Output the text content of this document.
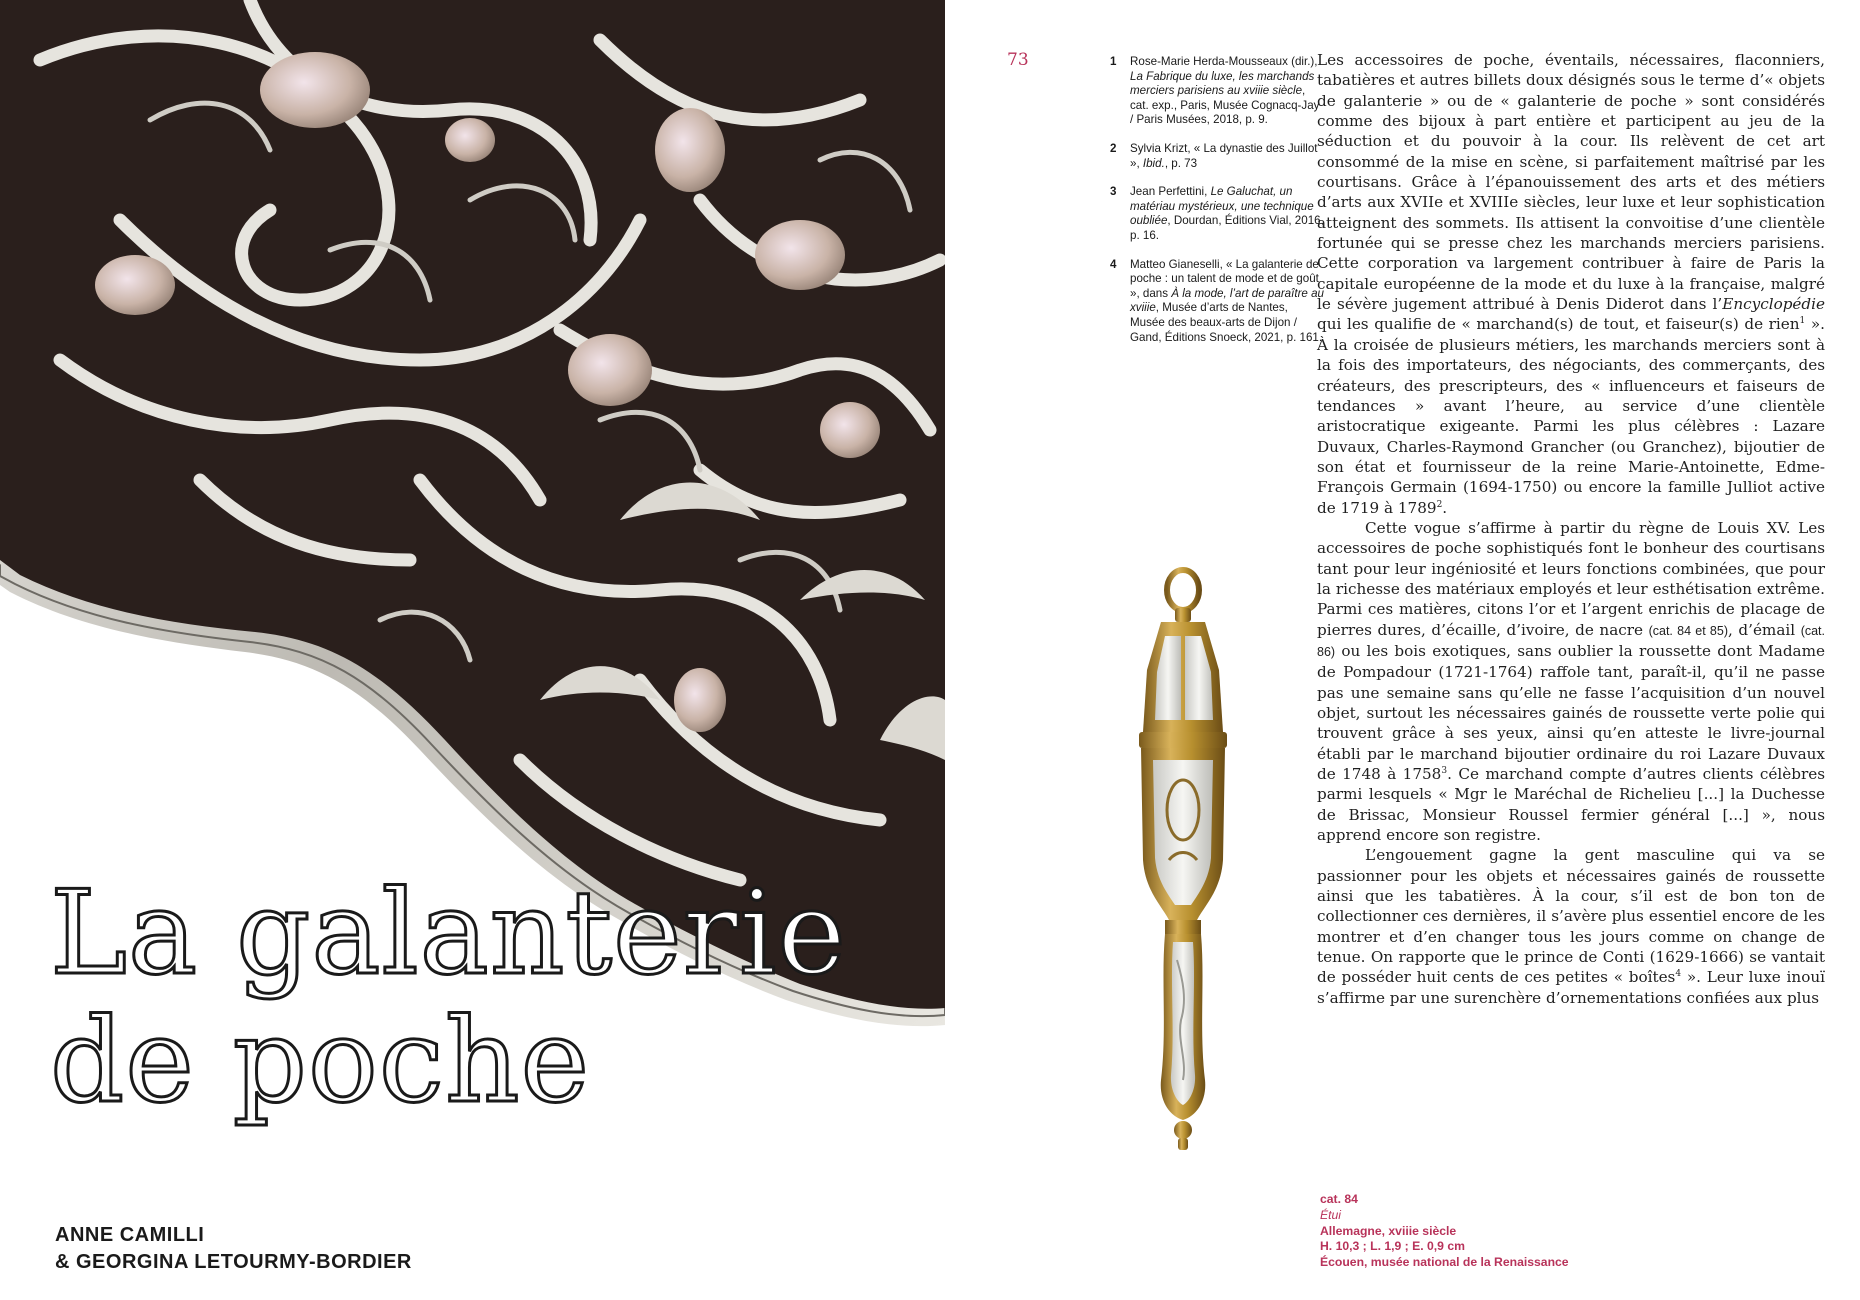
La galanterie
de poche
ANNE CAMILLI
& GEORGINA LETOURMY-BORDIER
73	1	Rose-Marie Herda-Mousseaux (dir.), La Fabrique du luxe, les marchands merciers parisiens au xviiie siècle, cat. exp., Paris, Musée Cognacq-Jay / Paris Musées, 2018, p. 9.
2	Sylvia Krizt, « La dynastie des Juillot », Ibid., p. 73
3	Jean Perfettini, Le Galuchat, un matériau mystérieux, une technique oubliée, Dourdan, Éditions Vial, 2016, p. 16.
4	Matteo Gianeselli, « La galanterie de poche : un talent de mode et de goût », dans À la mode, l’art de paraître au xviiie, Musée d’arts de Nantes, Musée des beaux-arts de Dijon / Gand, Éditions Snoeck, 2021, p. 161.

Les accessoires de poche, éventails, nécessaires, flaconniers, tabatières et autres billets doux désignés sous le terme d’« objets de galanterie » ou de « galanterie de poche » sont considérés comme des bijoux à part entière et participent au jeu de la séduction et du pouvoir à la cour. Ils relèvent de cet art consommé de la mise en scène, si parfaitement maîtrisé par les courtisans. Grâce à l’épanouissement des arts et des métiers d’arts aux XVIIe et XVIIIe siècles, leur luxe et leur sophistication atteignent des sommets. Ils attisent la convoitise d’une clientèle fortunée qui se presse chez les marchands merciers parisiens. Cette corporation va largement contribuer à faire de Paris la capitale européenne de la mode et du luxe à la française, malgré le sévère jugement attribué à Denis Diderot dans l’Encyclopédie qui les qualifie de « marchand(s) de tout, et faiseur(s) de rien$^1$ ». À la croisée de plusieurs métiers, les marchands merciers sont à la fois des importateurs, des négociants, des commerçants, des créateurs, des prescripteurs, des « influenceurs et faiseurs de tendances » avant l’heure, au service d’une clientèle aristocratique exigeante. Parmi les plus célèbres : Lazare Duvaux, Charles-Raymond Grancher (ou Granchez), bijoutier de son état et fournisseur de la reine Marie-Antoinette, Edme-François Germain (1694-1750) ou encore la famille Julliot active de 1719 à 1789$^2$.

Cette vogue s’affirme à partir du règne de Louis XV. Les accessoires de poche sophistiqués font le bonheur des courtisans tant pour leur ingéniosité et leurs fonctions combinées, que pour la richesse des matériaux employés et leur esthétisation extrême. Parmi ces matières, citons l’or et l’argent enrichis de placage de pierres dures, d’écaille, d’ivoire, de nacre (cat. 84 et 85), d’émail (cat. 86) ou les bois exotiques, sans oublier la roussette dont Madame de Pompadour (1721-1764) raffole tant, paraît-il, qu’il ne passe pas une semaine sans qu’elle ne fasse l’acquisition d’un nouvel objet, surtout les nécessaires gainés de roussette verte polie qui trouvent grâce à ses yeux, ainsi qu’en atteste le livre-journal établi par le marchand bijoutier ordinaire du roi Lazare Duvaux de 1748 à 1758$^3$. Ce marchand compte d’autres clients célèbres parmi lesquels « Mgr le Maréchal de Richelieu [...] la Duchesse de Brissac, Monsieur Roussel fermier général [...] », nous apprend encore son registre.

L’engouement gagne la gent masculine qui va se passionner pour les objets et nécessaires gainés de roussette ainsi que les tabatières. À la cour, s’il est de bon ton de collectionner ces dernières, il s’avère plus essentiel encore de les montrer et d’en changer tous les jours comme on change de tenue. On rapporte que le prince de Conti (1629-1666) se vantait de posséder huit cents de ces petites « boîtes$^4$ ». Leur luxe inouï s’affirme par une surenchère d’ornementations confiées aux plus

cat. 84
Étui
Allemagne, xviiie siècle
H. 10,3 ; L. 1,9 ; E. 0,9 cm
Écouen, musée national de la Renaissance
